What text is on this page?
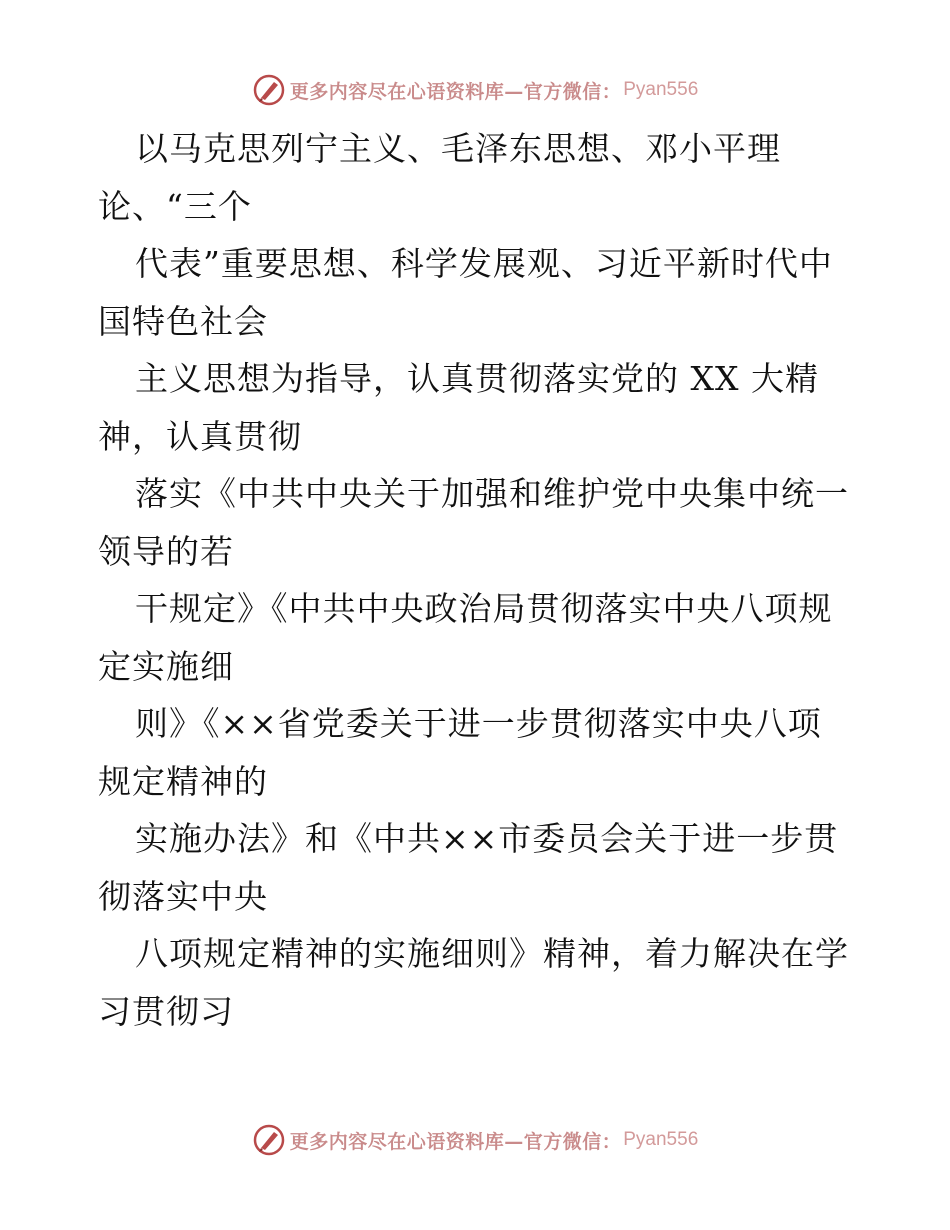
更多内容尽在心语资料库—官方微信： Pyan556
以马克思列宁主义、毛泽东思想、邓小平理
论、“三个
代表”重要思想、科学发展观、习近平新时代中
国特色社会
主义思想为指导，认真贯彻落实党的 XX 大精
神，认真贯彻
落实《中共中央关于加强和维护党中央集中统一
领导的若
干规定》《中共中央政治局贯彻落实中央八项规
定实施细
则》《××省党委关于进一步贯彻落实中央八项
规定精神的
实施办法》和《中共××市委员会关于进一步贯
彻落实中央
八项规定精神的实施细则》精神，着力解决在学
习贯彻习
更多内容尽在心语资料库—官方微信： Pyan556
